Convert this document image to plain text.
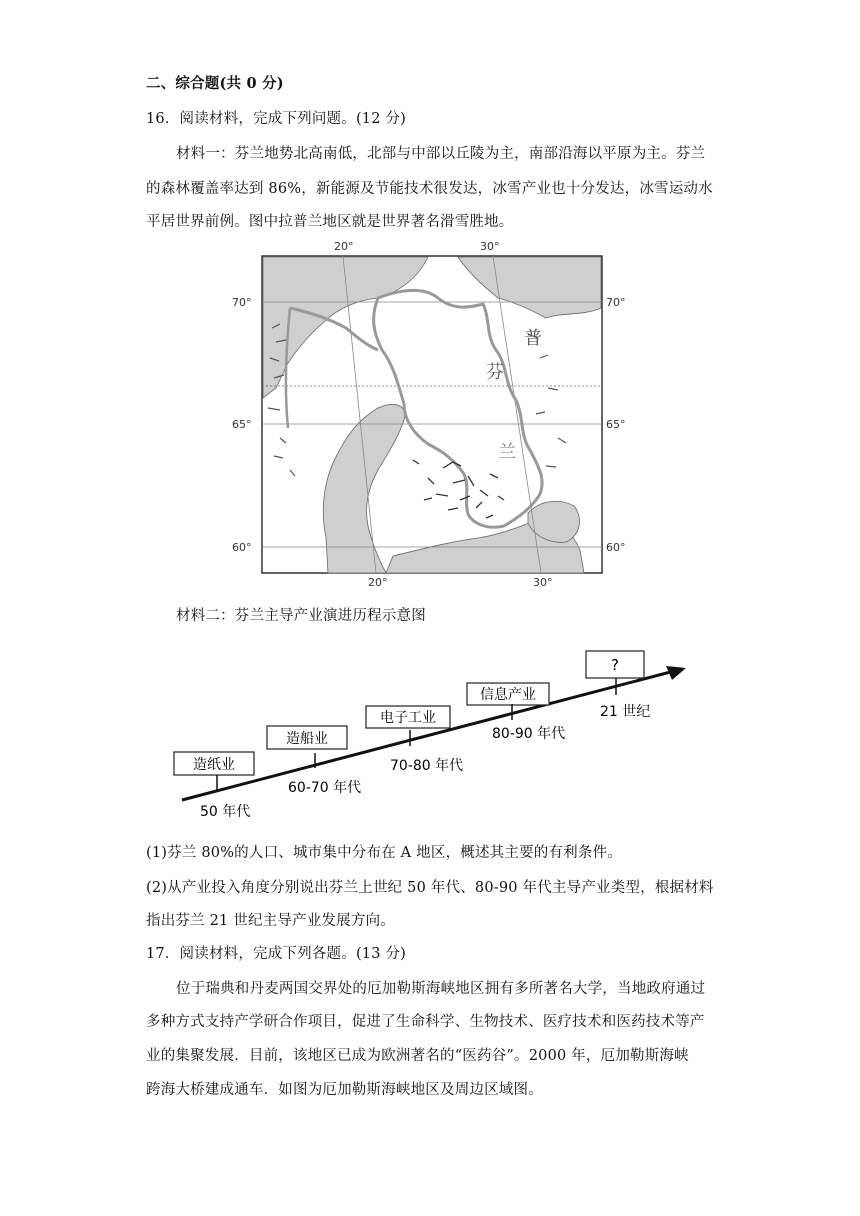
二、综合题(共 0 分)
16．阅读材料，完成下列问题。(12 分)
材料一：芬兰地势北高南低，北部与中部以丘陵为主，南部沿海以平原为主。芬兰
的森林覆盖率达到 86%，新能源及节能技术很发达，冰雪产业也十分发达，冰雪运动水
平居世界前例。图中拉普兰地区就是世界著名滑雪胜地。
20°	30°
20°	30°
70°
65°
60°
70°
65°
60°
普
芬
兰
材料二：芬兰主导产业演进历程示意图
造纸业
50 年代
造船业
60-70 年代
电子工业
70-80 年代
信息产业
80-90 年代
?
21 世纪
(1)芬兰 80%的人口、城市集中分布在 A 地区，概述其主要的有利条件。
(2)从产业投入角度分别说出芬兰上世纪 50 年代、80-90 年代主导产业类型，根据材料
指出芬兰 21 世纪主导产业发展方向。
17．阅读材料，完成下列各题。(13 分)
位于瑞典和丹麦两国交界处的厄加勒斯海峡地区拥有多所著名大学，当地政府通过
多种方式支持产学研合作项目，促进了生命科学、生物技术、医疗技术和医药技术等产
业的集聚发展．目前，该地区已成为欧洲著名的“医药谷”。2000 年，厄加勒斯海峡
跨海大桥建成通车．如图为厄加勒斯海峡地区及周边区域图。
